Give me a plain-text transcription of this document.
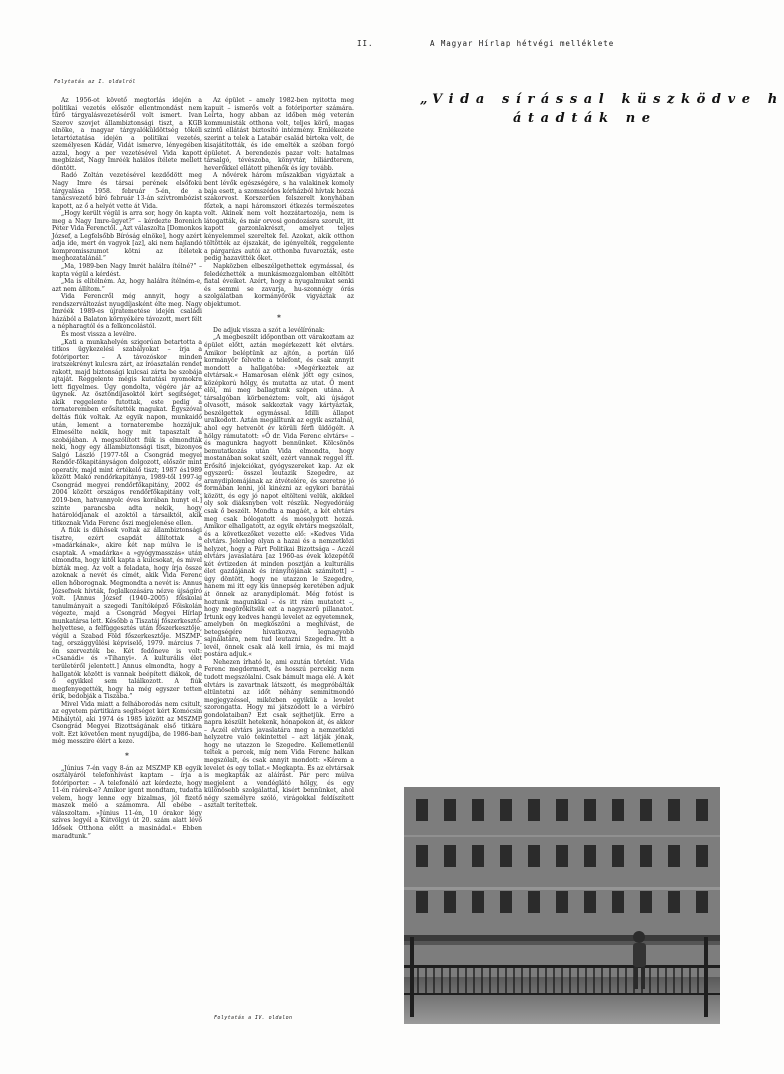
II.	A Magyar Hírlap hétvégi melléklete
Folytatás az I. oldalról

Az 1956-ot követő megtorlás idején a politikai vezetés először ellentmondást nem tűrő tárgyalásvezetéséről volt ismert. Ivan Szerov szovjet állambiztonsági tiszt, a KGB elnöke, a magyar tárgyalóküldöttség tökéli letartóztatása idején a politikai vezetés, személyesen Kádár, Vidát ismerve, lényegében azzal, hogy a per vezetésével Vida kapott megbízást, Nagy Imréék halálos ítélete mellett döntött.

Radó Zoltán vezetésével kezdődött meg Nagy Imre és társai perének elsőfokú tárgyalása 1958. február 5-én, de a tanácsvezető bíró február 13-án szívtrombózist kapott, az ő a helyét vette át Vida.

„Hogy került végül is arra sor, hogy ön kapta meg a Nagy Imre-ügyet?” – kérdezte Borenich Péter Vida Ferenctől. „Azt válaszolta [Domonkos József, a Legfelsőbb Bíróság elnöke], hogy azért adja ide, mert én vagyok [az], aki nem hajlandó kompromisszumot kötni az ítéletek meghozatalánál.”

„Ma, 1989-ben Nagy Imrét halálra ítélné?” – kapta végül a kérdést.

„Ma is elítélném. Az, hogy halálra ítélném-e, azt nem állítom.”

Vida Ferencről még annyit, hogy a rendszerváltozást nyugdíjasként élte meg. Nagy Imréék 1989-es újratemetése idején családi házából a Balaton környékére távozott, mert félt a népharagtól és a felkoncolástól.

És most vissza a levélre.

„Kati a munkahelyén szigorúan betartotta a titkos ügykezelési szabályokat – írja a fotóriporter. – A távozóskor minden iratszekrényt kulcsra zárt, az íróasztalán rendet rakott, majd biztonsági kulcsai zárta be szobája ajtaját. Reggelente mégis kutatási nyomokra lett figyelmes. Úgy gondolta, végére jár az ügynek. Az ösztöndíjasoktól kért segítséget, akik reggelente futottak, este pedig a tornateremben erősítették magukat. Egyszóval deltás fiúk voltak. Az egyik napon, munkaidő után, lement a tornaterembe hozzájuk. Elmesélte nekik, hogy mit tapasztalt a szobájában. A megszólított fiúk is elmondták neki, hogy egy állambiztonsági tiszt, bizonyos Salgó László [1977-től a Csongrád megyei Rendőr-főkapitányságon dolgozott, először mint operatív, majd mint értékelő tiszt; 1987 és1989 között Makó rendőrkapitánya, 1989-től 1997-ig Csongrád megyei rendőrfőkapitány, 2002 és 2004 között országos rendőrfőkapitány volt, 2019-ben, hatvannyolc éves korában hunyt el.] szinte parancsba adta nekik, hogy határolódjanak el azoktól a társaiktól, akik titkoznak Vida Ferenc őszi megjelenése ellen.

A fiúk is dühösek voltak az állambiztonsági tisztre, ezért csapdát állítottak a »madárkának«, akire két nap múlva le is csaptak. A »madárka« a »gyógymasszás« után elmondta, hogy kitől kapta a kulcsokat, és mivel bízták meg. Az volt a feladata, hogy írja össze azoknak a nevét és címét, akik Vida Ferenc ellen hőborognak. Megmondta a nevét is: Annus Józsefnek hívták, foglalkozására nézve újságíró volt. [Annus József (1940–2005) főiskolai tanulmányait a szegedi Tanítóképző Főiskolán végezte, majd a Csongrád Megyei Hírlap munkatársa lett. Később a Tiszatáj főszerkesztő-helyettese, a felfüggesztés után főszerkesztője, végül a Szabad Föld főszerkesztője. MSZMP-tag, országgyűlési képviselő, 1979. március 7-én szervezték be. Két fedőneve is volt: »Csanádi« és »Tihanyi«. A kulturális élet területéről jelentett.] Annus elmondta, hogy a hallgatók között is vannak beépített diákok, de ő egyikkel sem találkozott. A fiúk megfenyegették, hogy ha még egyszer tetten érik, bedobják a Tiszába.”

Mivel Vida miatt a felháborodás nem csitult, az egyetem pártitkára segítséget kért Komócsin Mihálytól, aki 1974 és 1985 között az MSZMP Csongrád Megyei Bizottságának első titkára volt. Ezt követően ment nyugdíjba, de 1986-ban még messzire élért a keze.

*

„Június 7-én vagy 8-án az MSZMP KB egyik osztályáról telefonhívást kaptam – írja a fotóriporter. – A telefonáló azt kérdezte, hogy 11-én ráérek-e? Amikor igent mondtam, tudatta velem, hogy lenne egy bizalmas, jól fizető maszek meló a számomra. Áll ebébe – válaszoltam. »Június 11-én, 10 órakor légy szíves legyél a Kútvölgyi út 20. szám alatt lévő Idősek Otthona előtt a masinádal.« Ebben maradtunk.”

Az épület – amely 1982-ben nyitotta meg kapuit – ismerős volt a fotóriporter számára. Leírta, hogy abban az időben még veterán kommunisták otthona volt, teljes körű, magas szintű ellátást biztosító intézmény. Emlékezete szerint a telek a Latabár család birtoka volt, de kisajátították, és ide emelték a szóban forgó épületet. A berendezés pazar volt: hatalmas társalgó, tévészoba, könyvtár, biliárdterem, heverőkkel ellátott pihenők és így tovább.

A nővérek három műszakban vigyáztak a bent lévők egészségére, s ha valakinek komoly baja esett, a szomszédos kórházból hívtak hozzá szakorvost. Korszerűen felszerelt konyhában főztek, a napi háromszori étkezés természetes volt. Akinek nem volt hozzátartozója, nem is látogatták, és már orvosi gondozásra szorult, itt kapott garzonlakrészt, amelyet teljes kényelemmel szereltek fel. Azokat, akik otthon töltötték az éjszakát, de igényelték, reggelente a párgarázs autói az otthonba fuvarozták, este pedig hazavitték őket.

Napközben elbeszélgethettek egymással, és feledézhették a munkásmozgalomban eltöltött fiatal éveiket. Azért, hogy a nyugalmukat senki és semmi se zavarja, hu-szonnégy órás szolgálatban kormányőrök vigyáztak az objektumot.

*

De adjuk vissza a szót a levélírónak:

„A megbeszélt időpontban ott várakoztam az épület előtt, aztán megérkezett két elvtárs. Amikor beléptünk az ajtón, a portán ülő kormányőr felvette a telefont, és csak annyit mondott a hallgatóba: »Megérkeztek az elvtársak.« Hamarosan elénk jött egy csinos, középkorú hölgy, és mutatta az utat. Ő ment elöl, mi meg ballagtunk szépen utána. A társalgóban körbenéztem: volt, aki újságot olvasott, mások sakkoztak vagy kártyáztak, beszélgettek egymással. Idilli állapot uralkodott. Aztán megálltunk az egyik asztalnál, ahol egy hetvenöt év körüli férfi üldögélt. A hölgy rámutatott: »Ő dr. Vida Ferenc elvtárs« – és magunkra hagyott bennünket. Kölcsönös bemutatkozás után Vida elmondta, hogy mostanában sokat szélt, ezért vannak reggel itt. Erősítő injekciókat, gyógyszereket kap. Az ek egyszerű: összel leutazik Szegedre, az aranydiplomájának az átvételére, és szeretne jó formában lenni, jól kinézni az egykori barátai között, és egy jó napot eltölteni velük, akikkel oly sok diáksnyben volt részük. Negyedóráig csak ő beszélt. Mondta a magáét, a két elvtárs meg csak bólogatott és mosolygott hozzá. Amikor elhallgatott, az egyik elvtárs megszólalt, és a következőket vezette elő: »Kedves Vida elvtárs. Jelenleg olyan a hazai és a nemzetközi helyzet, hogy a Párt Politikai Bizottsága – Aczél elvtárs javaslatára [az 1960-as évek közepétől két évtizeden át minden posztján a kulturális élet gazdájának és irányítójának számított] – úgy döntött, hogy ne utazzon le Szegedre, hanem mi itt egy kis ünnepség keretében adjuk át önnek az aranydiplomát. Még fotóst is hoztunk magunkkal – és itt rám mutatott –, hogy megörökítsük ezt a nagyszerű pillanatot. Írtunk egy kedves hangú levelet az egyetemnek, amelyben ön megköszöni a meghívást, de betegségére hivatkozva, legnagyobb sajnálatára, nem tud leutazni Szegedre. Itt a levél, önnek csak alá kell írnia, és mi majd postára adjuk.«

Nehezen írható le, ami ezután történt. Vida Ferenc megdermedt, és hosszú percekig nem tudott megszólalni. Csak bámult maga elé. A két elvtárs is zavartnak látszott, és megpróbálták eltüntetni az időt néhány semmitmondó megjegyzéssel, miközben egyikük a levelet szorongatta. Hogy mi játszódott le a vérbíró gondolataiban? Ezt csak sejthetjük. Erre a napra készült hetekenk, hónapokon át, és akkor – Aczél elvtárs javaslatára meg a nemzetközi helyzetre való tekintettel – azt látják jónak, hogy ne utazzon le Szegedre. Kellemetlenül teltek a percek, míg nem Vida Ferenc halkan megszólalt, és csak annyit mondott: »Kérem a levelet és egy tollat.« Megkapta. És az elvtársak is megkapták az aláírást. Pár perc múlva megjelent a vendéglátó hölgy, és egy különösebb szolgálattal, kisért bennünket, ahol négy személyre szóló, virágokkal feldíszített asztalt terítettek.

Folytatás a IV. oldalon
„Vida sírással küszködve h
átadták ne
